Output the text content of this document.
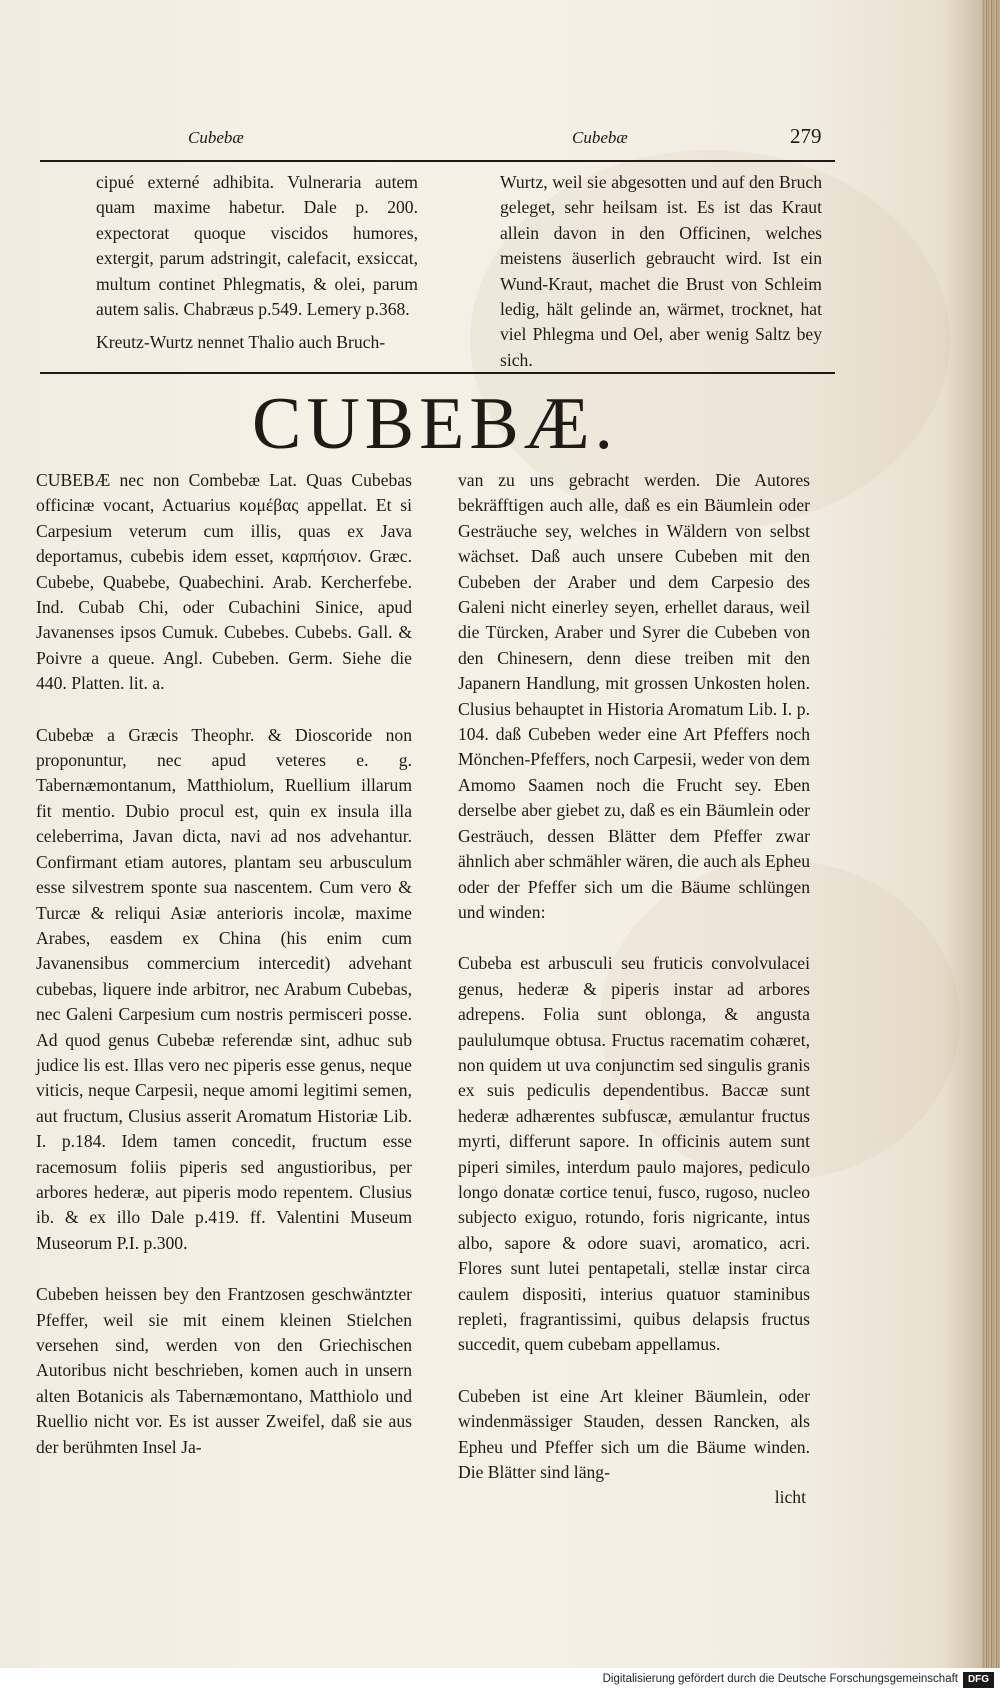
Cubebæ	Cubebæ	279

cipué externé adhibita. Vulneraria autem quam maxime habetur. Dale p. 200. expectorat quoque viscidos humores, extergit, parum adstringit, calefacit, exsiccat, multum continet Phlegmatis, & olei, parum autem salis. Chabræus p.549. Lemery p.368.

Kreutz-Wurtz nennet Thalio auch Bruch-

Wurtz, weil sie abgesotten und auf den Bruch geleget, sehr heilsam ist. Es ist das Kraut allein davon in den Officinen, welches meistens äuserlich gebraucht wird. Ist ein Wund-Kraut, machet die Brust von Schleim ledig, hält gelinde an, wärmet, trocknet, hat viel Phlegma und Oel, aber wenig Saltz bey sich.

CUBEBÆ.

CUBEBÆ nec non Combebæ Lat. Quas Cubebas officinæ vocant, Actuarius κομέβας appellat. Et si Carpesium veterum cum illis, quas ex Java deportamus, cubebis idem esset, καρπήσιον. Græc. Cubebe, Quabebe, Quabechini. Arab. Kercherfebe. Ind. Cubab Chi, oder Cubachini Sinice, apud Javanenses ipsos Cumuk. Cubebes. Cubebs. Gall. & Poivre a queue. Angl. Cubeben. Germ. Siehe die 440. Platten. lit. a.

Cubebæ a Græcis Theophr. & Dioscoride non proponuntur, nec apud veteres e. g. Tabernæmontanum, Matthiolum, Ruellium illarum fit mentio. Dubio procul est, quin ex insula illa celeberrima, Javan dicta, navi ad nos advehantur. Confirmant etiam autores, plantam seu arbusculum esse silvestrem sponte sua nascentem. Cum vero & Turcæ & reliqui Asiæ anterioris incolæ, maxime Arabes, easdem ex China (his enim cum Javanensibus commercium intercedit) advehant cubebas, liquere inde arbitror, nec Arabum Cubebas, nec Galeni Carpesium cum nostris permisceri posse. Ad quod genus Cubebæ referendæ sint, adhuc sub judice lis est. Illas vero nec piperis esse genus, neque viticis, neque Carpesii, neque amomi legitimi semen, aut fructum, Clusius asserit Aromatum Historiæ Lib. I. p.184. Idem tamen concedit, fructum esse racemosum foliis piperis sed angustioribus, per arbores hederæ, aut piperis modo repentem. Clusius ib. & ex illo Dale p.419. ff. Valentini Museum Museorum P.I. p.300.

Cubeben heissen bey den Frantzosen geschwäntzter Pfeffer, weil sie mit einem kleinen Stielchen versehen sind, werden von den Griechischen Autoribus nicht beschrieben, komen auch in unsern alten Botanicis als Tabernæmontano, Matthiolo und Ruellio nicht vor. Es ist ausser Zweifel, daß sie aus der berühmten Insel Ja-

van zu uns gebracht werden. Die Autores bekräfftigen auch alle, daß es ein Bäumlein oder Gesträuche sey, welches in Wäldern von selbst wächset. Daß auch unsere Cubeben mit den Cubeben der Araber und dem Carpesio des Galeni nicht einerley seyen, erhellet daraus, weil die Türcken, Araber und Syrer die Cubeben von den Chinesern, denn diese treiben mit den Japanern Handlung, mit grossen Unkosten holen. Clusius behauptet in Historia Aromatum Lib. I. p. 104. daß Cubeben weder eine Art Pfeffers noch Mönchen-Pfeffers, noch Carpesii, weder von dem Amomo Saamen noch die Frucht sey. Eben derselbe aber giebet zu, daß es ein Bäumlein oder Gesträuch, dessen Blätter dem Pfeffer zwar ähnlich aber schmähler wären, die auch als Epheu oder der Pfeffer sich um die Bäume schlüngen und winden:

Cubeba est arbusculi seu fruticis convolvulacei genus, hederæ & piperis instar ad arbores adrepens. Folia sunt oblonga, & angusta paululumque obtusa. Fructus racematim cohæret, non quidem ut uva conjunctim sed singulis granis ex suis pediculis dependentibus. Baccæ sunt hederæ adhærentes subfuscæ, æmulantur fructus myrti, differunt sapore. In officinis autem sunt piperi similes, interdum paulo majores, pediculo longo donatæ cortice tenui, fusco, rugoso, nucleo subjecto exiguo, rotundo, foris nigricante, intus albo, sapore & odore suavi, aromatico, acri. Flores sunt lutei pentapetali, stellæ instar circa caulem dispositi, interius quatuor staminibus repleti, fragrantissimi, quibus delapsis fructus succedit, quem cubebam appellamus.

Cubeben ist eine Art kleiner Bäumlein, oder windenmässiger Stauden, dessen Rancken, als Epheu und Pfeffer sich um die Bäume winden. Die Blätter sind läng-

licht

Digitalisierung gefördert durch die Deutsche Forschungsgemeinschaft DFG
